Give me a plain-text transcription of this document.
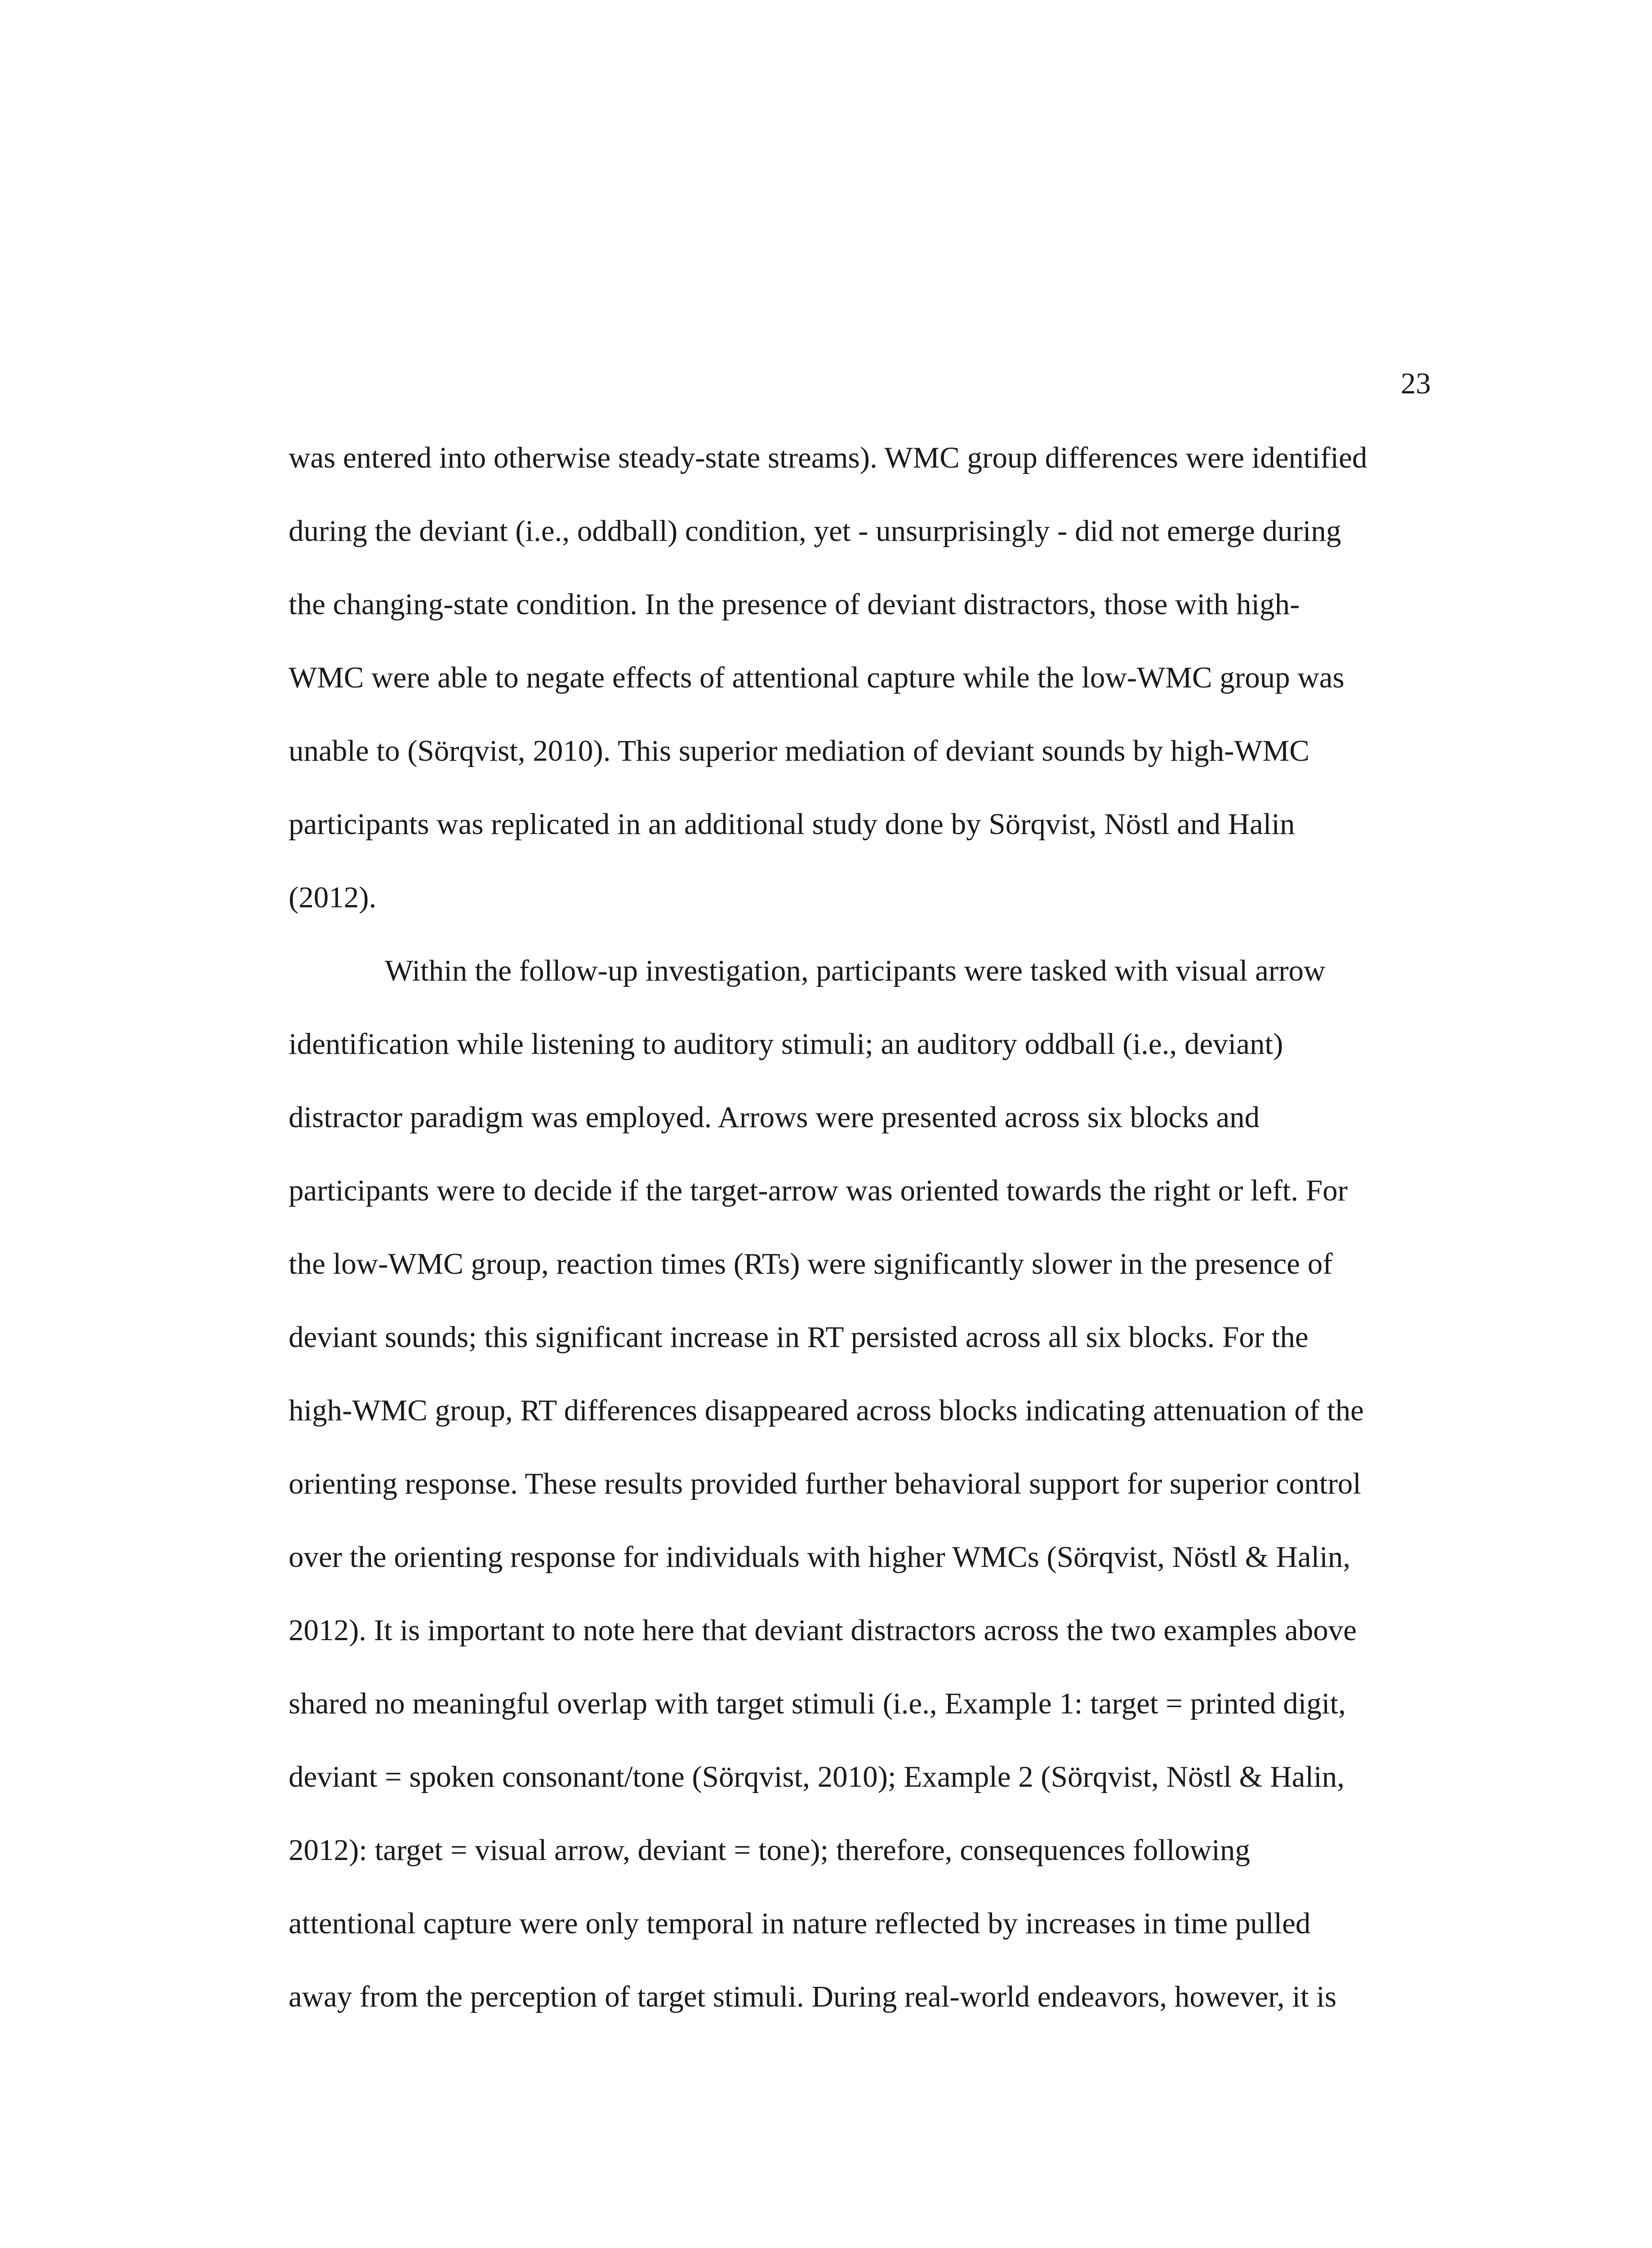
23
was entered into otherwise steady-state streams). WMC group differences were identified
during the deviant (i.e., oddball) condition, yet - unsurprisingly - did not emerge during
the changing-state condition. In the presence of deviant distractors, those with high-
WMC were able to negate effects of attentional capture while the low-WMC group was
unable to (Sörqvist, 2010). This superior mediation of deviant sounds by high-WMC
participants was replicated in an additional study done by Sörqvist, Nöstl and Halin
(2012).
Within the follow-up investigation, participants were tasked with visual arrow
identification while listening to auditory stimuli; an auditory oddball (i.e., deviant)
distractor paradigm was employed. Arrows were presented across six blocks and
participants were to decide if the target-arrow was oriented towards the right or left. For
the low-WMC group, reaction times (RTs) were significantly slower in the presence of
deviant sounds; this significant increase in RT persisted across all six blocks. For the
high-WMC group, RT differences disappeared across blocks indicating attenuation of the
orienting response. These results provided further behavioral support for superior control
over the orienting response for individuals with higher WMCs (Sörqvist, Nöstl & Halin,
2012). It is important to note here that deviant distractors across the two examples above
shared no meaningful overlap with target stimuli (i.e., Example 1: target = printed digit,
deviant = spoken consonant/tone (Sörqvist, 2010); Example 2 (Sörqvist, Nöstl & Halin,
2012): target = visual arrow, deviant = tone); therefore, consequences following
attentional capture were only temporal in nature reflected by increases in time pulled
away from the perception of target stimuli. During real-world endeavors, however, it is
